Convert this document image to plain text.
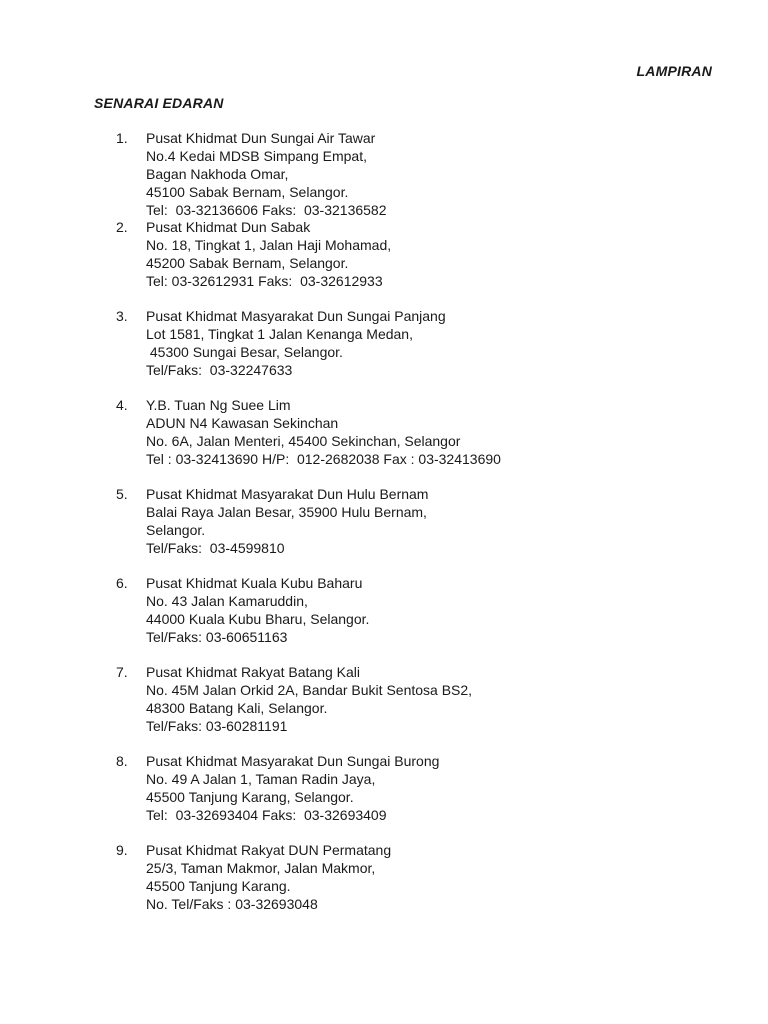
LAMPIRAN
SENARAI EDARAN
1. Pusat Khidmat Dun Sungai Air Tawar
No.4 Kedai MDSB Simpang Empat,
Bagan Nakhoda Omar,
45100 Sabak Bernam, Selangor.
Tel:  03-32136606 Faks:  03-32136582
2. Pusat Khidmat Dun Sabak
No. 18, Tingkat 1, Jalan Haji Mohamad,
45200 Sabak Bernam, Selangor.
Tel: 03-32612931 Faks:  03-32612933
3. Pusat Khidmat Masyarakat Dun Sungai Panjang
Lot 1581, Tingkat 1 Jalan Kenanga Medan,
45300 Sungai Besar, Selangor.
Tel/Faks:  03-32247633
4. Y.B. Tuan Ng Suee Lim
ADUN N4 Kawasan Sekinchan
No. 6A, Jalan Menteri, 45400 Sekinchan, Selangor
Tel : 03-32413690 H/P:  012-2682038 Fax : 03-32413690
5. Pusat Khidmat Masyarakat Dun Hulu Bernam
Balai Raya Jalan Besar, 35900 Hulu Bernam,
Selangor.
Tel/Faks:  03-4599810
6. Pusat Khidmat Kuala Kubu Baharu
No. 43 Jalan Kamaruddin,
44000 Kuala Kubu Bharu, Selangor.
Tel/Faks: 03-60651163
7. Pusat Khidmat Rakyat Batang Kali
No. 45M Jalan Orkid 2A, Bandar Bukit Sentosa BS2,
48300 Batang Kali, Selangor.
Tel/Faks: 03-60281191
8. Pusat Khidmat Masyarakat Dun Sungai Burong
No. 49 A Jalan 1, Taman Radin Jaya,
45500 Tanjung Karang, Selangor.
Tel:  03-32693404 Faks:  03-32693409
9. Pusat Khidmat Rakyat DUN Permatang
25/3, Taman Makmor, Jalan Makmor,
45500 Tanjung Karang.
No. Tel/Faks : 03-32693048
